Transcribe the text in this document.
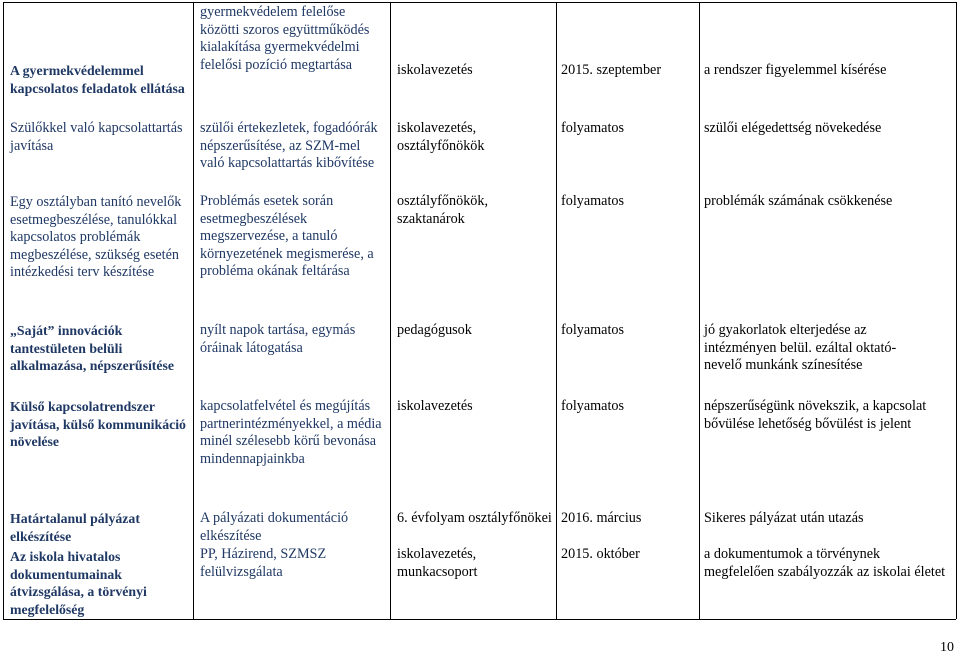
A gyermekvédelemmel kapcsolatos feladatok ellátása
Szülőkkel való kapcsolattartás javítása
Egy osztályban tanító nevelők esetmegbeszélése, tanulókkal kapcsolatos problémák megbeszélése, szükség esetén intézkedési terv készítése
„Saját” innovációk tantestületen belüli alkalmazása, népszerűsítése
Külső kapcsolatrendszer javítása, külső kommunikáció növelése
Határtalanul pályázat elkészítése
Az iskola hivatalos dokumentumainak átvizsgálása, a törvényi megfelelőség
gyermekvédelem felelőse közötti szoros együttműködés kialakítása gyermekvédelmi felelősi pozíció megtartása
szülői értekezletek, fogadóórák népszerűsítése, az SZM-mel való kapcsolattartás kibővítése
Problémás esetek során esetmegbeszélések megszervezése, a tanuló környezetének megismerése, a probléma okának feltárása
nyílt napok tartása, egymás óráinak látogatása
kapcsolatfelvétel és megújítás partnerintézményekkel, a média minél szélesebb körű bevonása mindennapjainkba
A pályázati dokumentáció elkészítése
PP, Házirend, SZMSZ felülvizsgálata
iskolavezetés
iskolavezetés, osztályfőnökök
osztályfőnökök, szaktanárok
pedagógusok
iskolavezetés
6. évfolyam osztályfőnökei
iskolavezetés, munkacsoport
2015. szeptember
folyamatos
folyamatos
folyamatos
folyamatos
2016. március
2015. október
a rendszer figyelemmel kísérése
szülői elégedettség növekedése
problémák számának csökkenése
jó gyakorlatok elterjedése az intézményen belül. ezáltal oktató-nevelő munkánk színesítése
népszerűségünk növekszik, a kapcsolat bővülése lehetőség bővülést is jelent
Sikeres pályázat után utazás
a dokumentumok a törvénynek megfelelően szabályozzák az iskolai életet
10
